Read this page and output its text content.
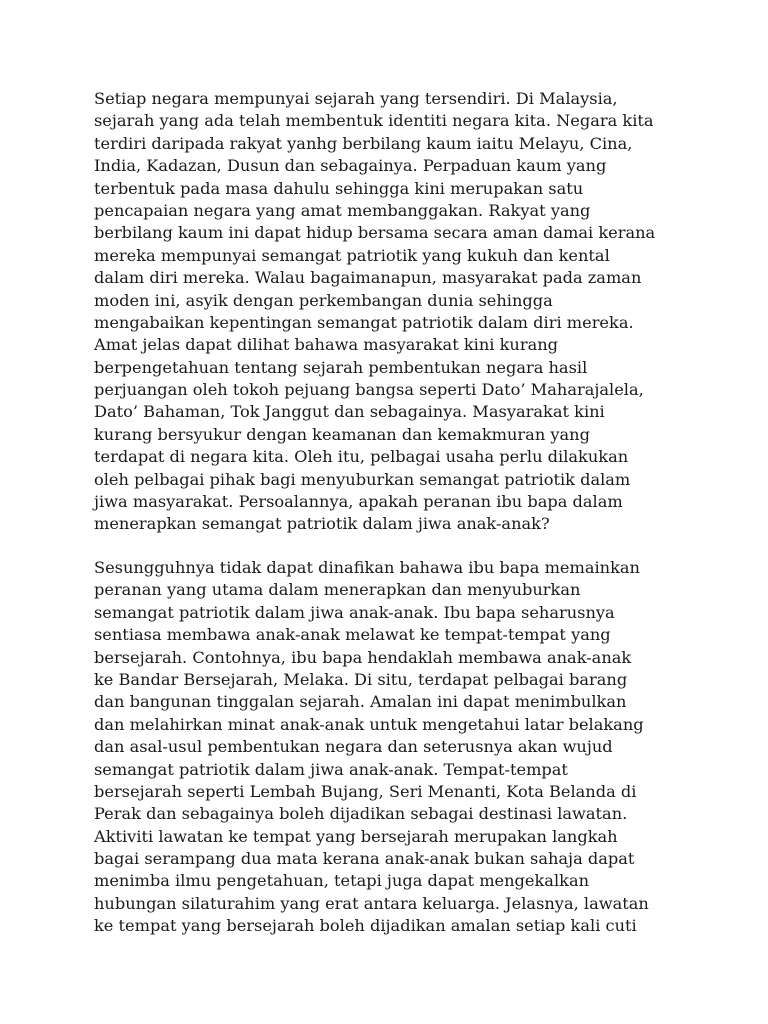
Setiap negara mempunyai sejarah yang tersendiri. Di Malaysia,
sejarah yang ada telah membentuk identiti negara kita. Negara kita
terdiri daripada rakyat yanhg berbilang kaum iaitu Melayu, Cina,
India, Kadazan, Dusun dan sebagainya. Perpaduan kaum yang
terbentuk pada masa dahulu sehingga kini merupakan satu
pencapaian negara yang amat membanggakan. Rakyat yang
berbilang kaum ini dapat hidup bersama secara aman damai kerana
mereka mempunyai semangat patriotik yang kukuh dan kental
dalam diri mereka. Walau bagaimanapun, masyarakat pada zaman
moden ini, asyik dengan perkembangan dunia sehingga
mengabaikan kepentingan semangat patriotik dalam diri mereka.
Amat jelas dapat dilihat bahawa masyarakat kini kurang
berpengetahuan tentang sejarah pembentukan negara hasil
perjuangan oleh tokoh pejuang bangsa seperti Dato’ Maharajalela,
Dato’ Bahaman, Tok Janggut dan sebagainya. Masyarakat kini
kurang bersyukur dengan keamanan dan kemakmuran yang
terdapat di negara kita. Oleh itu, pelbagai usaha perlu dilakukan
oleh pelbagai pihak bagi menyuburkan semangat patriotik dalam
jiwa masyarakat. Persoalannya, apakah peranan ibu bapa dalam
menerapkan semangat patriotik dalam jiwa anak-anak?
Sesungguhnya tidak dapat dinafikan bahawa ibu bapa memainkan
peranan yang utama dalam menerapkan dan menyuburkan
semangat patriotik dalam jiwa anak-anak. Ibu bapa seharusnya
sentiasa membawa anak-anak melawat ke tempat-tempat yang
bersejarah. Contohnya, ibu bapa hendaklah membawa anak-anak
ke Bandar Bersejarah, Melaka. Di situ, terdapat pelbagai barang
dan bangunan tinggalan sejarah. Amalan ini dapat menimbulkan
dan melahirkan minat anak-anak untuk mengetahui latar belakang
dan asal-usul pembentukan negara dan seterusnya akan wujud
semangat patriotik dalam jiwa anak-anak. Tempat-tempat
bersejarah seperti Lembah Bujang, Seri Menanti, Kota Belanda di
Perak dan sebagainya boleh dijadikan sebagai destinasi lawatan.
Aktiviti lawatan ke tempat yang bersejarah merupakan langkah
bagai serampang dua mata kerana anak-anak bukan sahaja dapat
menimba ilmu pengetahuan, tetapi juga dapat mengekalkan
hubungan silaturahim yang erat antara keluarga. Jelasnya, lawatan
ke tempat yang bersejarah boleh dijadikan amalan setiap kali cuti
